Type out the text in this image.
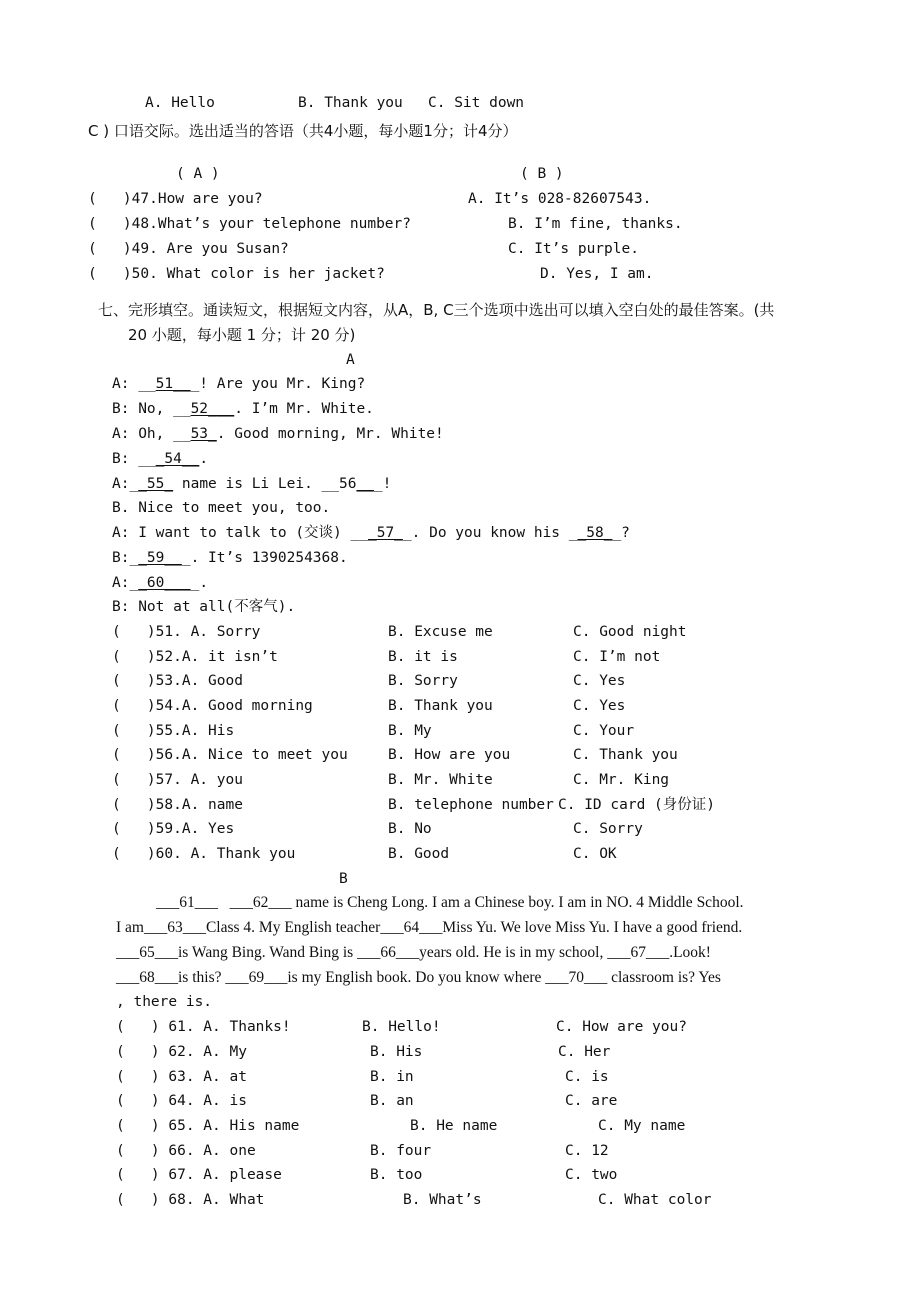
A. Hello	B. Thank you C. Sit down
C ) 口语交际。选出适当的答语（共4小题，每小题1分；计4分）
( A )	( B )
(   )47.How are you?	A. It’s 028-82607543.
(   )48.What’s your telephone number?	B. I’m fine, thanks.
(   )49. Are you Susan?	C. It’s purple.
(   )50. What color is her jacket?	D. Yes, I am.
七、完形填空。通读短文，根据短文内容，从A，B, C三个选项中选出可以填入空白处的最佳答案。(共
20 小题，每小题 1 分；计 20 分)
A
A: __51___! Are you Mr. King?
B: No, __52___. I’m Mr. White.
A: Oh, __53_. Good morning, Mr. White!
B: ___54__.
A:__55_ name is Li Lei. __56___!
B. Nice to meet you, too.
A: I want to talk to (交谈) ___57__. Do you know his __58__?
B:__59___. It’s 1390254368.
A:__60____.
B: Not at all(不客气).
(   )51. A. Sorry	B. Excuse me	C. Good night
(   )52.A. it isn’t	B. it is	C. I’m not
(   )53.A. Good	B. Sorry	C. Yes
(   )54.A. Good morning	B. Thank you	C. Yes
(   )55.A. His	B. My	C. Your
(   )56.A. Nice to meet you	B. How are you	C. Thank you
(   )57. A. you	B. Mr. White	C. Mr. King
(   )58.A. name	B. telephone number C. ID card (身份证)
(   )59.A. Yes	B. No	C. Sorry
(   )60. A. Thank you	B. Good	C. OK
B
___61___   ___62___ name is Cheng Long. I am a Chinese boy. I am in NO. 4 Middle School.
I am___63___Class 4. My English teacher___64___Miss Yu. We love Miss Yu. I have a good friend.
___65___is Wang Bing. Wand Bing is ___66___years old. He is in my school, ___67___.Look!
___68___is this? ___69___is my English book. Do you know where ___70___ classroom is? Yes
, there is.
(   ) 61. A. Thanks!	B. Hello!	C. How are you?
(   ) 62. A. My	B. His	C. Her
(   ) 63. A. at	B. in	C. is
(   ) 64. A. is	B. an	C. are
(   ) 65. A. His name	B. He name	C. My name
(   ) 66. A. one	B. four	C. 12
(   ) 67. A. please	B. too	C. two
(   ) 68. A. What	B. What’s	C. What color
